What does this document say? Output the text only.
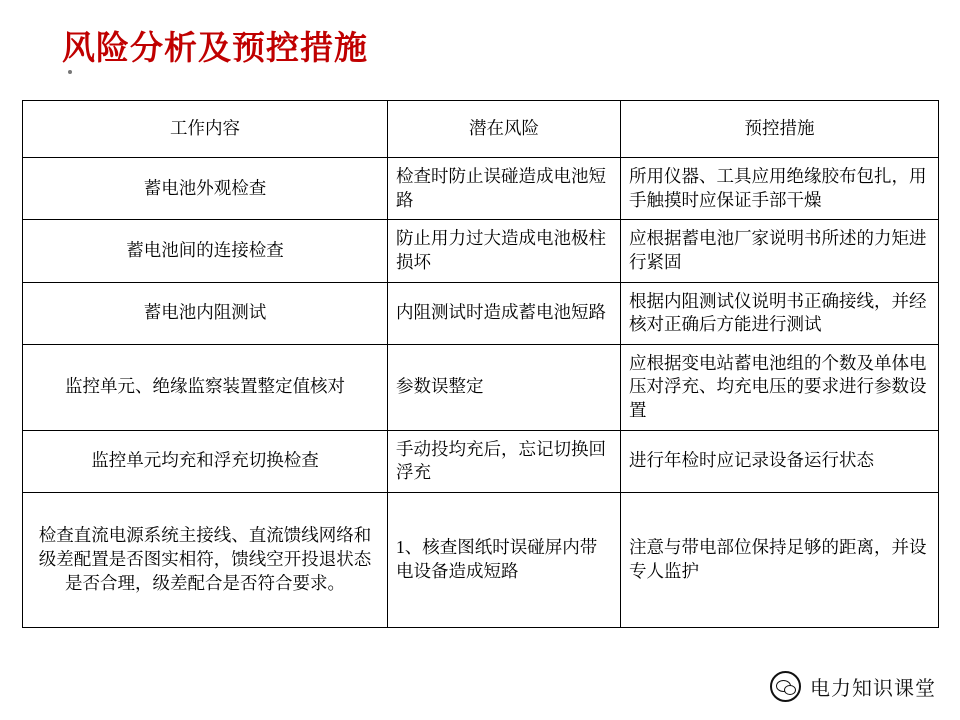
风险分析及预控措施
工作内容	潜在风险	预控措施
蓄电池外观检查	检查时防止误碰造成电池短路	所用仪器、工具应用绝缘胶布包扎，用手触摸时应保证手部干燥
蓄电池间的连接检查	防止用力过大造成电池极柱损坏	应根据蓄电池厂家说明书所述的力矩进行紧固
蓄电池内阻测试	内阻测试时造成蓄电池短路	根据内阻测试仪说明书正确接线，并经核对正确后方能进行测试
监控单元、绝缘监察装置整定值核对	参数误整定	应根据变电站蓄电池组的个数及单体电压对浮充、均充电压的要求进行参数设置
监控单元均充和浮充切换检查	手动投均充后，忘记切换回浮充	进行年检时应记录设备运行状态
检查直流电源系统主接线、直流馈线网络和级差配置是否图实相符，馈线空开投退状态是否合理，级差配合是否符合要求。	1、核查图纸时误碰屏内带电设备造成短路	注意与带电部位保持足够的距离，并设专人监护
电力知识课堂
